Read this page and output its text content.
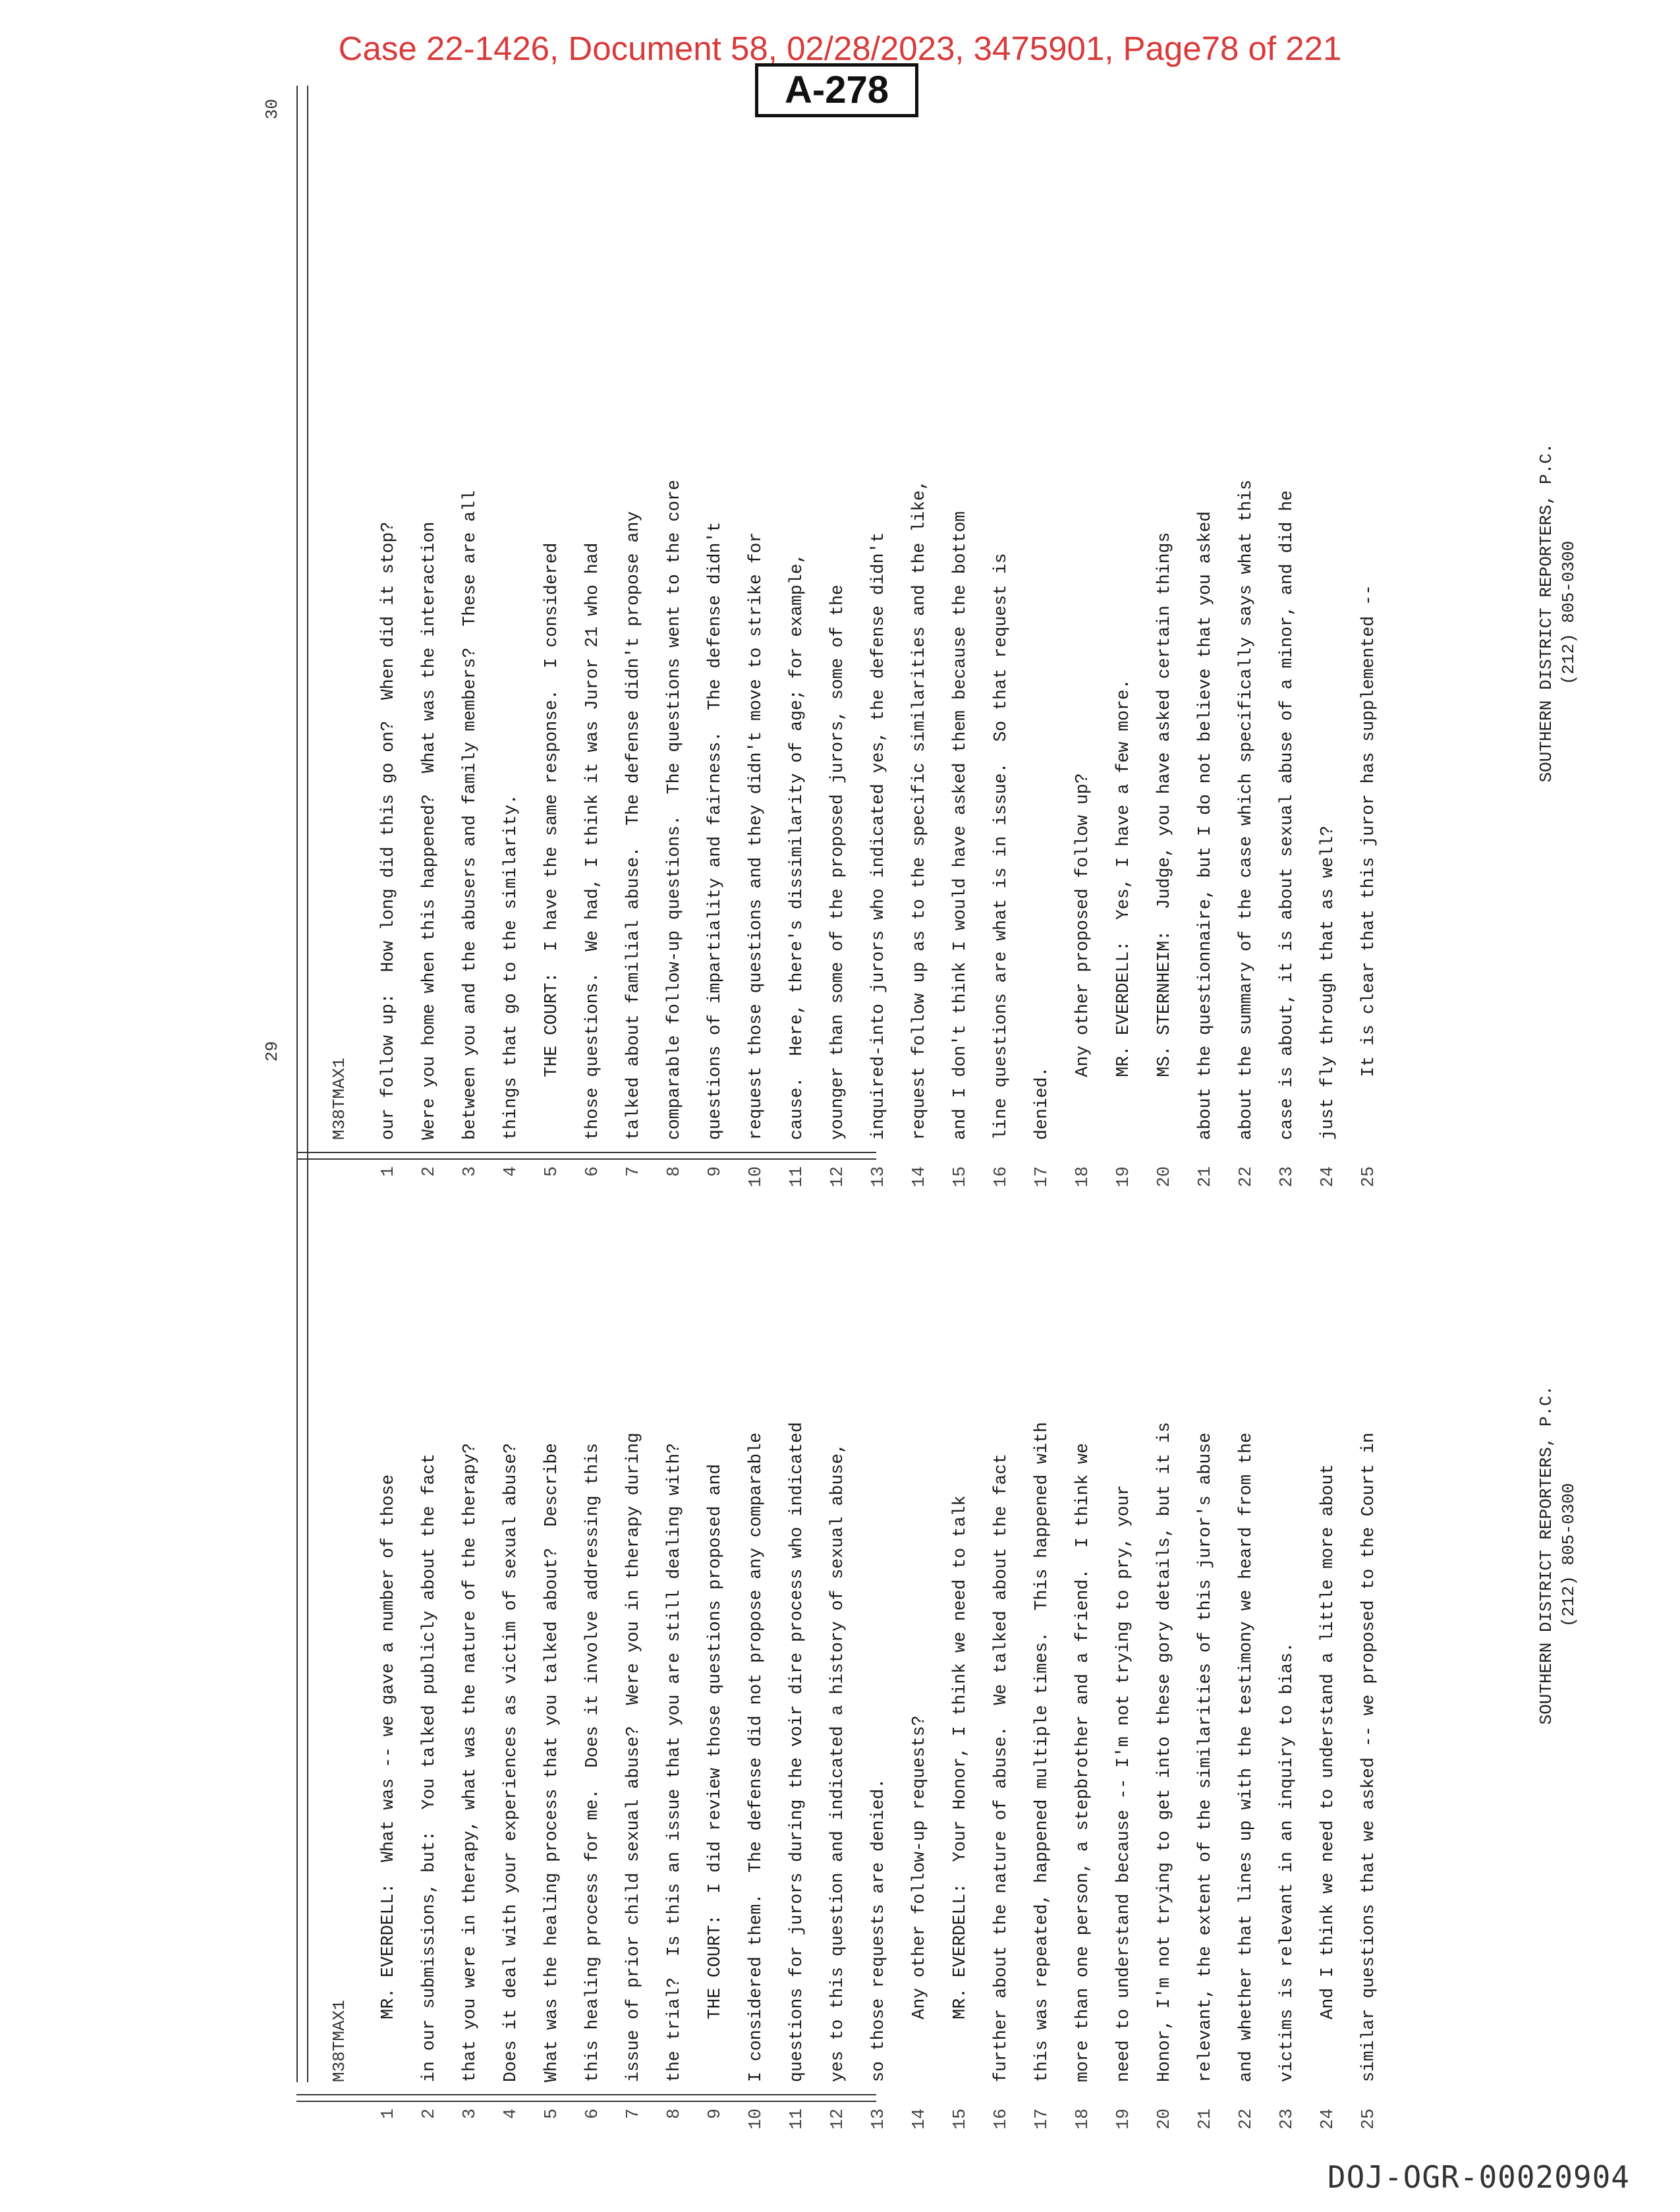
Case 22-1426, Document 58, 02/28/2023, 3475901, Page78 of 221
A-278
29
M38TMAX1
1
MR. EVERDELL:  What was -- we gave a number of those
2
in our submissions, but:  You talked publicly about the fact
3
that you were in therapy, what was the nature of the therapy?
4
Does it deal with your experiences as victim of sexual abuse?
5
What was the healing process that you talked about?  Describe
6
this healing process for me.  Does it involve addressing this
7
issue of prior child sexual abuse?  Were you in therapy during
8
the trial?  Is this an issue that you are still dealing with?
9
THE COURT:  I did review those questions proposed and
10
I considered them.  The defense did not propose any comparable
11
questions for jurors during the voir dire process who indicated
12
yes to this question and indicated a history of sexual abuse,
13
so those requests are denied.
14
Any other follow-up requests?
15
MR. EVERDELL:  Your Honor, I think we need to talk
16
further about the nature of abuse.  We talked about the fact
17
this was repeated, happened multiple times.  This happened with
18
more than one person, a stepbrother and a friend.  I think we
19
need to understand because -- I'm not trying to pry, your
20
Honor, I'm not trying to get into these gory details, but it is
21
relevant, the extent of the similarities of this juror's abuse
22
and whether that lines up with the testimony we heard from the
23
victims is relevant in an inquiry to bias.
24
And I think we need to understand a little more about
25
similar questions that we asked -- we proposed to the Court in	SOUTHERN DISTRICT REPORTERS, P.C. (212) 805-0300
30
M38TMAX1
1
our follow up:  How long did this go on?  When did it stop?
2
Were you home when this happened?  What was the interaction
3
between you and the abusers and family members?  These are all
4
things that go to the similarity.
5
THE COURT:  I have the same response.  I considered
6
those questions.  We had, I think it was Juror 21 who had
7
talked about familial abuse.  The defense didn't propose any
8
comparable follow-up questions.  The questions went to the core
9
questions of impartiality and fairness.  The defense didn't
10
request those questions and they didn't move to strike for
11
cause.  Here, there's dissimilarity of age; for example,
12
younger than some of the proposed jurors, some of the
13
inquired-into jurors who indicated yes, the defense didn't
14
request follow up as to the specific similarities and the like,
15
and I don't think I would have asked them because the bottom
16
line questions are what is in issue.  So that request is
17
denied.
18
Any other proposed follow up?
19
MR. EVERDELL:  Yes, I have a few more.
20
MS. STERNHEIM:  Judge, you have asked certain things
21
about the questionnaire, but I do not believe that you asked
22
about the summary of the case which specifically says what this
23
case is about, it is about sexual abuse of a minor, and did he
24
just fly through that as well?
25
It is clear that this juror has supplemented --	SOUTHERN DISTRICT REPORTERS, P.C. (212) 805-0300
DOJ-OGR-00020904
